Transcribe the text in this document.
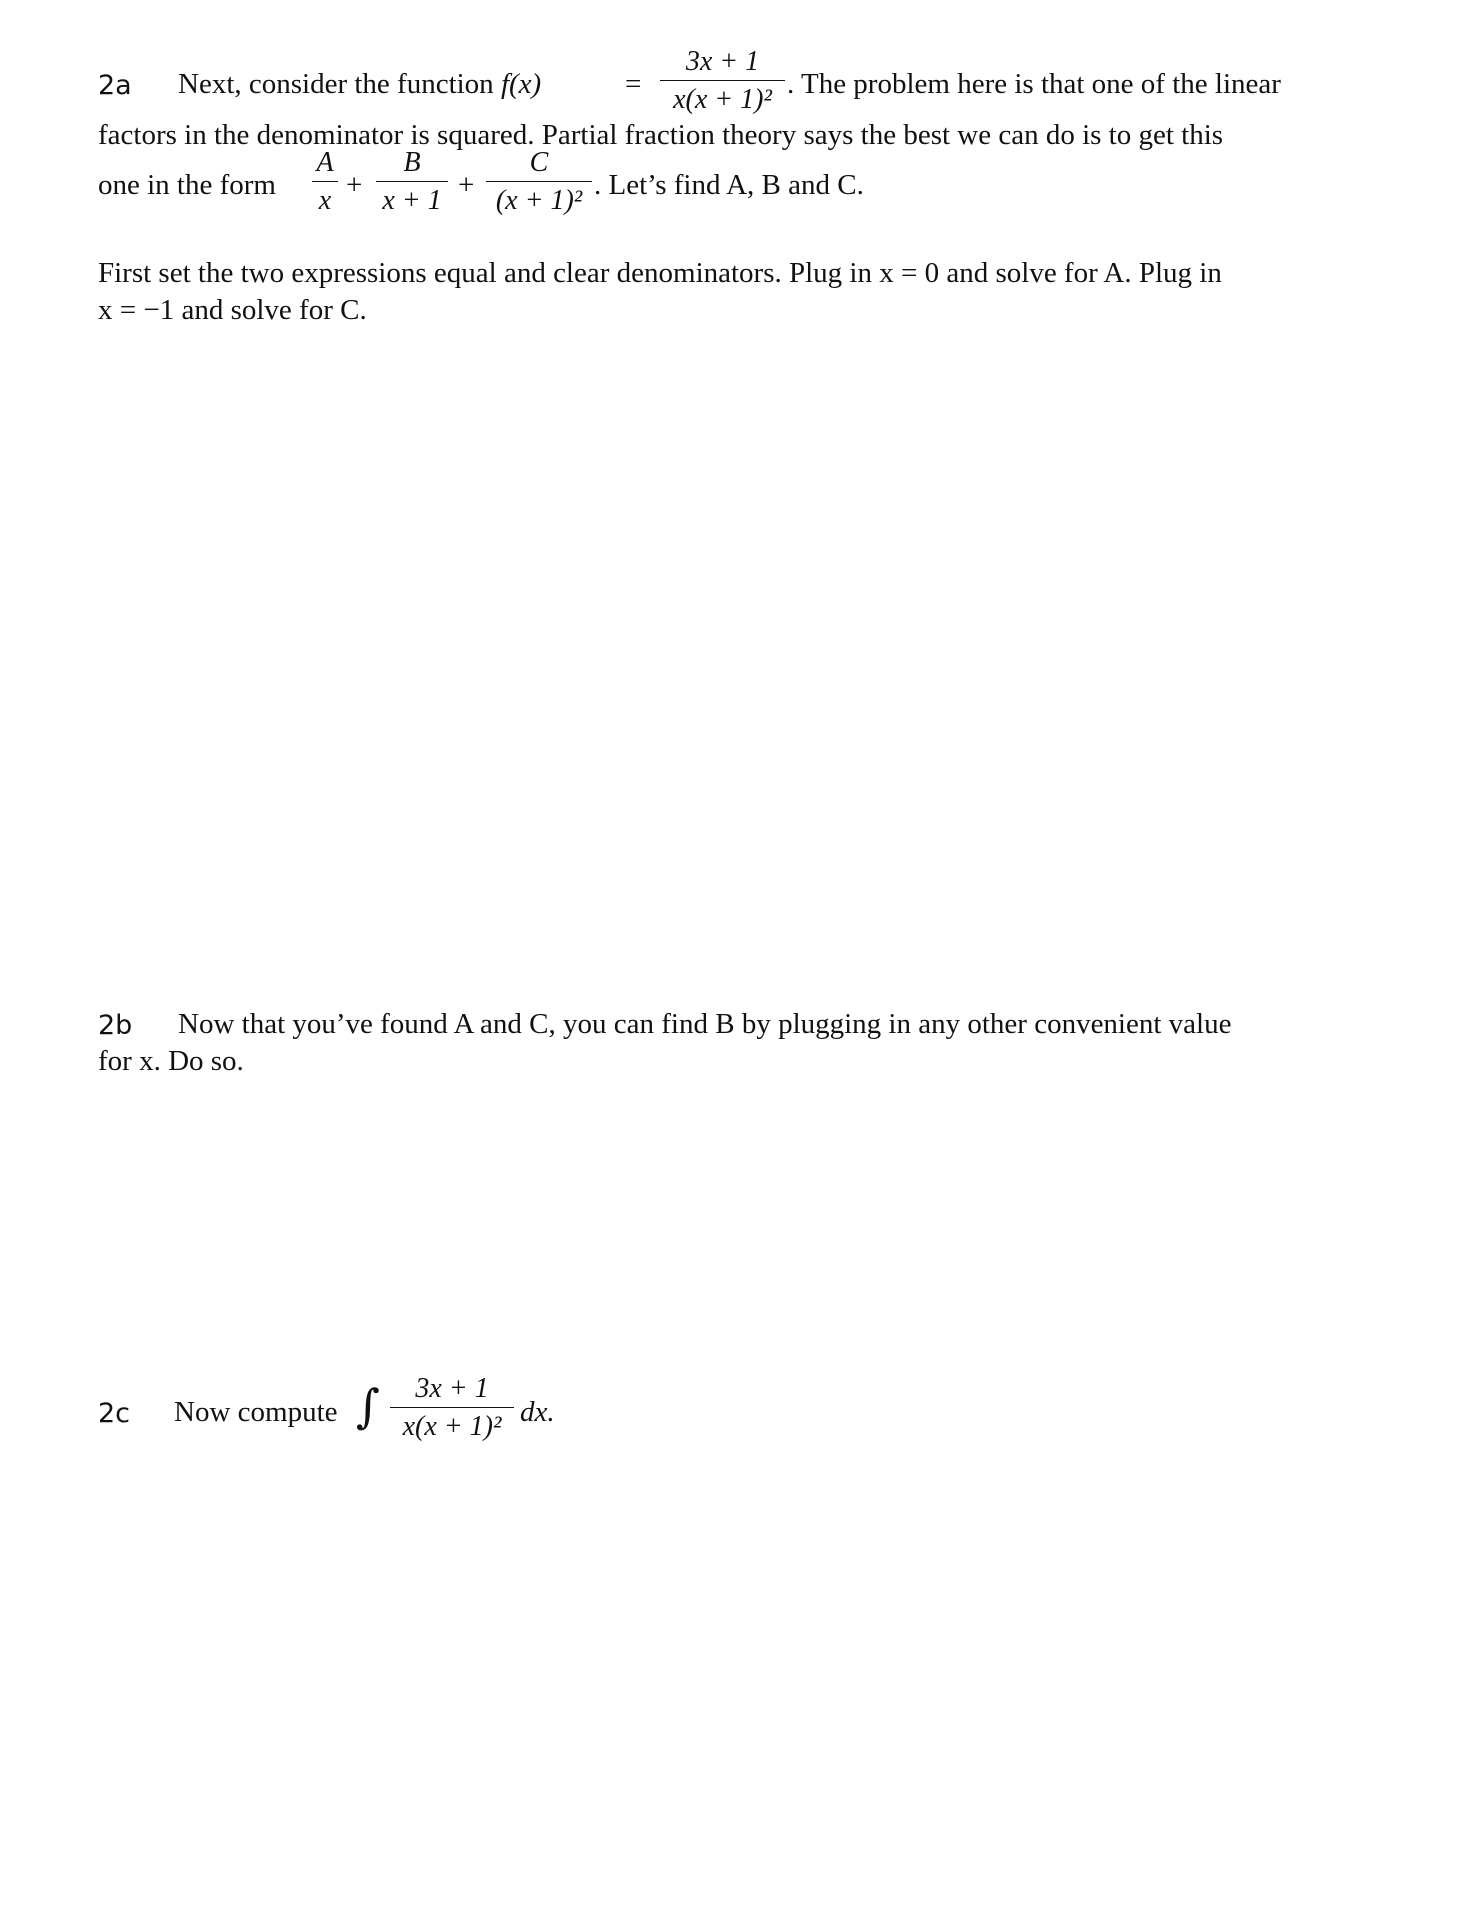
2a Next, consider the function f(x)	=
3x + 1
x(x + 1)² . The problem here is that one of the linear
factors in the denominator is squared. Partial fraction theory says the best we can do is to get this
one in the form
A
x +
B
x + 1 +
C
(x + 1)² . Let’s find A, B and C.
First set the two expressions equal and clear denominators. Plug in x = 0 and solve for A. Plug in
x = −1 and solve for C.
2b Now that you’ve found A and C, you can find B by plugging in any other convenient value
for x. Do so.
2c Now compute ∫	3x + 1
x(x + 1)² dx.
